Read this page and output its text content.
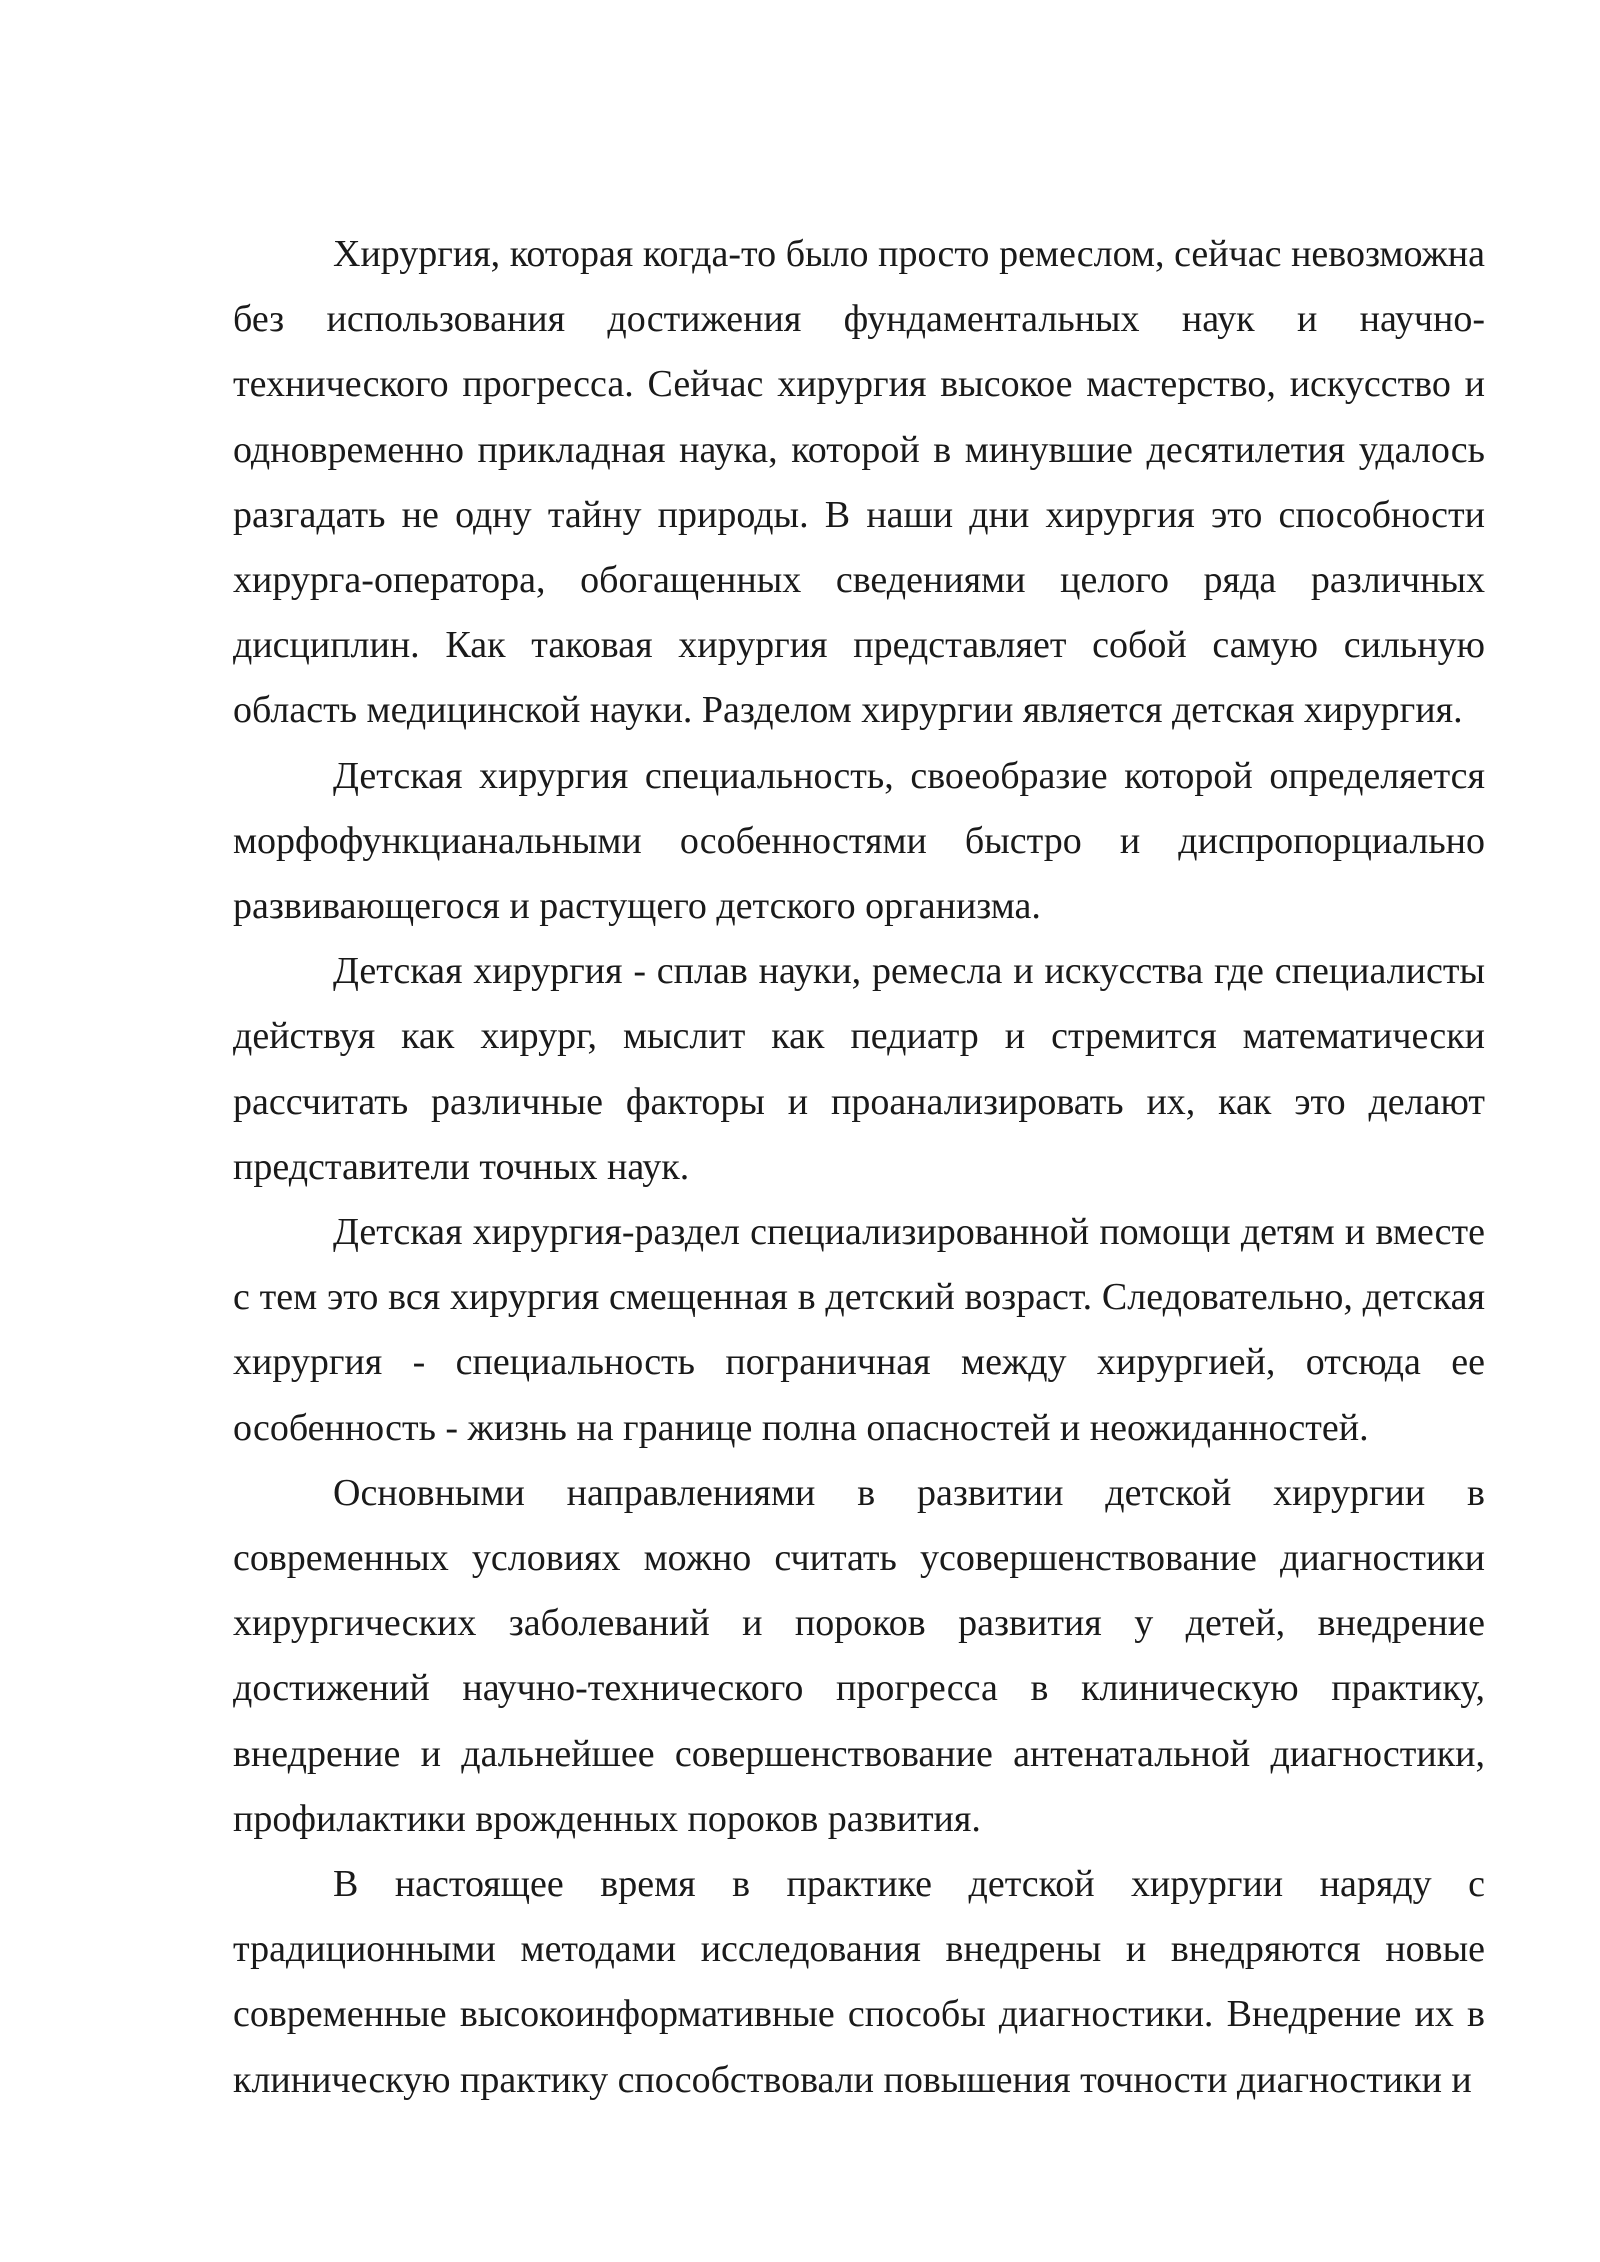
Хирургия, которая когда-то было просто ремеслом, сейчас невозможна без использования достижения фундаментальных наук и научно-технического прогресса. Сейчас хирургия высокое мастерство, искусство и одновременно прикладная наука, которой в минувшие десятилетия удалось разгадать не одну тайну природы. В наши дни хирургия это способности хирурга-оператора, обогащенных сведениями целого ряда различных дисциплин. Как таковая хирургия представляет собой самую сильную область медицинской науки. Разделом хирургии является детская хирургия.

Детская хирургия специальность, своеобразие которой определяется морфофункцианальными особенностями быстро и диспропорциально развивающегося и растущего детского организма.

Детская хирургия - сплав науки, ремесла и искусства где специалисты действуя как хирург, мыслит как педиатр и стремится математически рассчитать различные факторы и проанализировать их, как это делают представители точных наук.

Детская хирургия-раздел специализированной помощи детям и вместе с тем это вся хирургия смещенная в детский возраст. Следовательно, детская хирургия - специальность пограничная между хирургией, отсюда ее особенность - жизнь на границе полна опасностей и неожиданностей.

Основными направлениями в развитии детской хирургии в современных условиях можно считать усовершенствование диагностики хирургических заболеваний и пороков развития у детей, внедрение достижений научно-технического прогресса в клиническую практику, внедрение и дальнейшее совершенствование антенатальной диагностики, профилактики врожденных пороков развития.

В настоящее время в практике детской хирургии наряду с традиционными методами исследования внедрены и внедряются новые современные высокоинформативные способы диагностики. Внедрение их в клиническую практику способствовали повышения точности диагностики и
